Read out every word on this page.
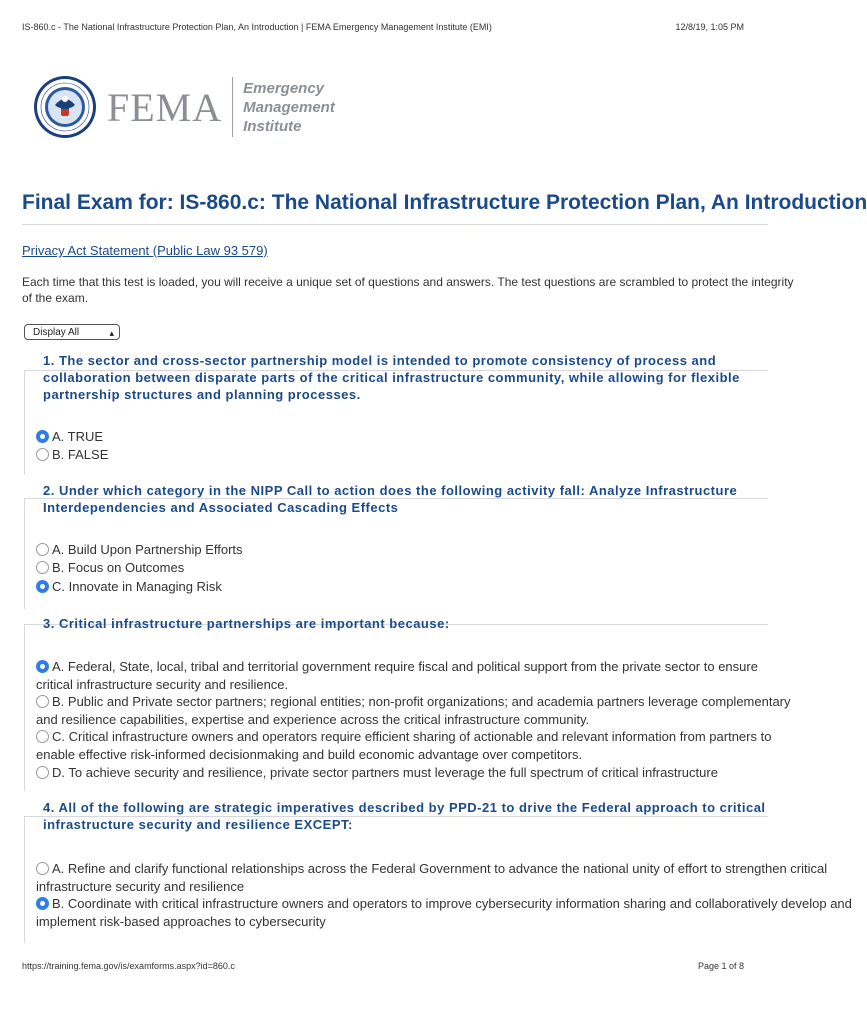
IS-860.c - The National Infrastructure Protection Plan, An Introduction | FEMA Emergency Management Institute (EMI)	12/8/19, 1:05 PM
FEMA Emergency
Management
Institute
Final Exam for: IS-860.c: The National Infrastructure Protection Plan, An Introduction
Privacy Act Statement (Public Law 93 579)
Each time that this test is loaded, you will receive a unique set of questions and answers. The test questions are scrambled to protect the integrity
of the exam.
Display All	▴

1. The sector and cross-sector partnership model is intended to promote consistency of process and
collaboration between disparate parts of the critical infrastructure community, while allowing for flexible
partnership structures and planning processes.
A. TRUE
B. FALSE
2. Under which category in the NIPP Call to action does the following activity fall: Analyze Infrastructure
Interdependencies and Associated Cascading Effects
A. Build Upon Partnership Efforts
B. Focus on Outcomes
C. Innovate in Managing Risk
3. Critical infrastructure partnerships are important because:
A. Federal, State, local, tribal and territorial government require fiscal and political support from the private sector to ensure
critical infrastructure security and resilience.
B. Public and Private sector partners; regional entities; non-profit organizations; and academia partners leverage complementary
and resilience capabilities, expertise and experience across the critical infrastructure community.
C. Critical infrastructure owners and operators require efficient sharing of actionable and relevant information from partners to
enable effective risk-informed decisionmaking and build economic advantage over competitors.
D. To achieve security and resilience, private sector partners must leverage the full spectrum of critical infrastructure
4. All of the following are strategic imperatives described by PPD-21 to drive the Federal approach to critical
infrastructure security and resilience EXCEPT:
A. Refine and clarify functional relationships across the Federal Government to advance the national unity of effort to strengthen critical
infrastructure security and resilience
B. Coordinate with critical infrastructure owners and operators to improve cybersecurity information sharing and collaboratively develop and
implement risk-based approaches to cybersecurity
https://training.fema.gov/is/examforms.aspx?id=860.c	Page 1 of 8
